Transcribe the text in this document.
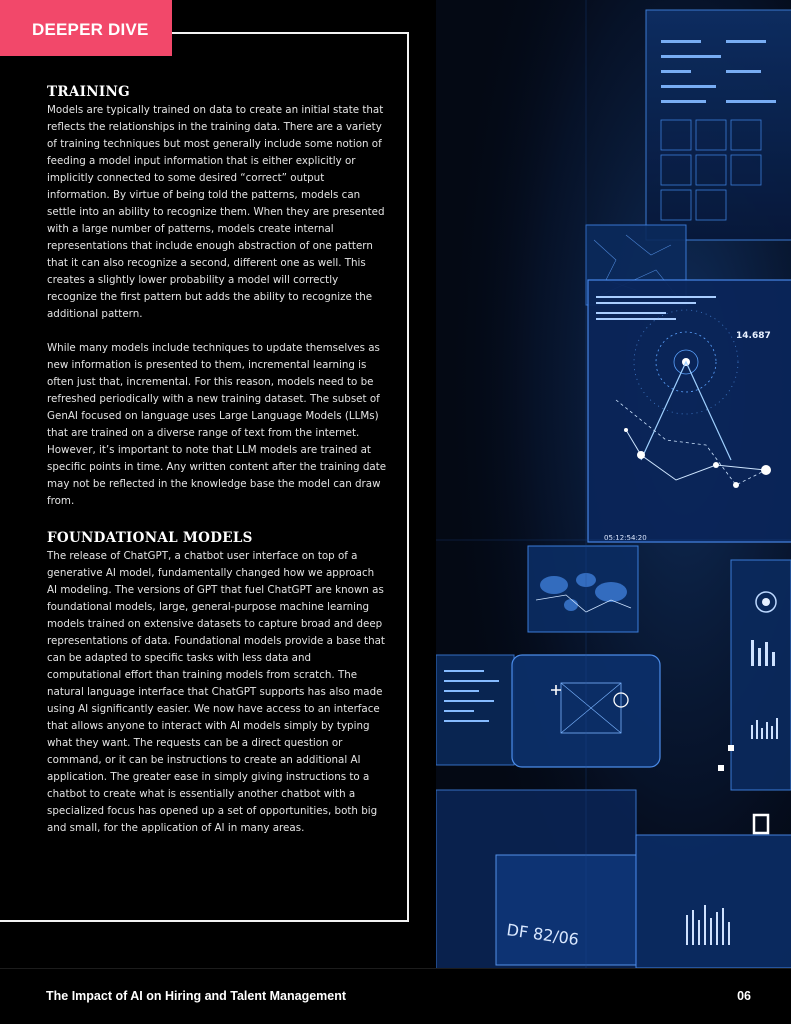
DEEPER DIVE
TRAINING

Models are typically trained on data to create an initial state that reflects the relationships in the training data. There are a variety of training techniques but most generally include some notion of feeding a model input information that is either explicitly or implicitly connected to some desired “correct” output information. By virtue of being told the patterns, models can settle into an ability to recognize them. When they are presented with a large number of patterns, models create internal representations that include enough abstraction of one pattern that it can also recognize a second, different one as well. This creates a slightly lower probability a model will correctly recognize the first pattern but adds the ability to recognize the additional pattern.

While many models include techniques to update themselves as new information is presented to them, incremental learning is often just that, incremental. For this reason, models need to be refreshed periodically with a new training dataset. The subset of GenAI focused on language uses Large Language Models (LLMs) that are trained on a diverse range of text from the internet. However, it’s important to note that LLM models are trained at specific points in time. Any written content after the training date may not be reflected in the knowledge base the model can draw from.

FOUNDATIONAL MODELS

The release of ChatGPT, a chatbot user interface on top of a generative AI model, fundamentally changed how we approach AI modeling. The versions of GPT that fuel ChatGPT are known as foundational models, large, general-purpose machine learning models trained on extensive datasets to capture broad and deep representations of data. Foundational models provide a base that can be adapted to specific tasks with less data and computational effort than training models from scratch. The natural language interface that ChatGPT supports has also made using AI significantly easier. We now have access to an interface that allows anyone to interact with AI models simply by typing what they want. The requests can be a direct question or command, or it can be instructions to create an additional AI application. The greater ease in simply giving instructions to a chatbot to create what is essentially another chatbot with a specialized focus has opened up a set of opportunities, both big and small, for the application of AI in many areas.

14.687
05:12:54:20
DF 82/06
The Impact of AI on Hiring and Talent Management	06
